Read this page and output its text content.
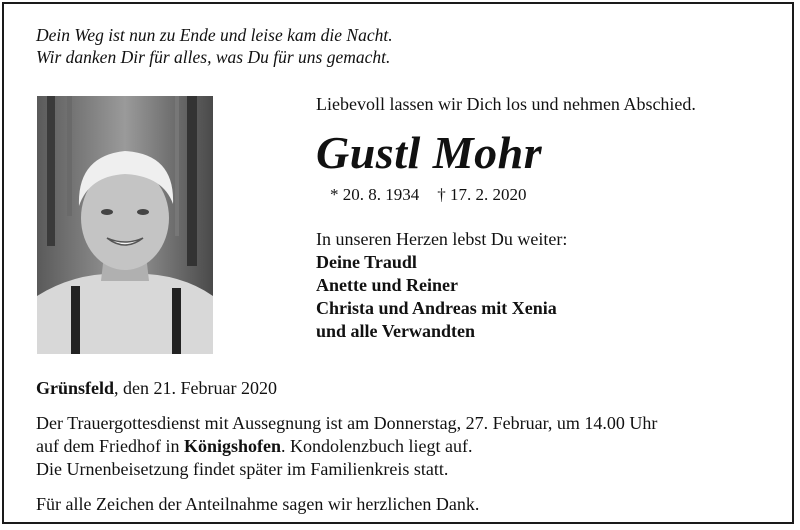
Dein Weg ist nun zu Ende und leise kam die Nacht.
Wir danken Dir für alles, was Du für uns gemacht.

Liebevoll lassen wir Dich los und nehmen Abschied.

Gustl Mohr
* 20. 8. 1934 † 17. 2. 2020

In unseren Herzen lebst Du weiter:

Deine Traudl
Anette und Reiner
Christa und Andreas mit Xenia
und alle Verwandten

Grünsfeld, den 21. Februar 2020

Der Trauergottesdienst mit Aussegnung ist am Donnerstag, 27. Februar, um 14.00 Uhr

auf dem Friedhof in Königshofen. Kondolenzbuch liegt auf.

Die Urnenbeisetzung findet später im Familienkreis statt.

Für alle Zeichen der Anteilnahme sagen wir herzlichen Dank.
